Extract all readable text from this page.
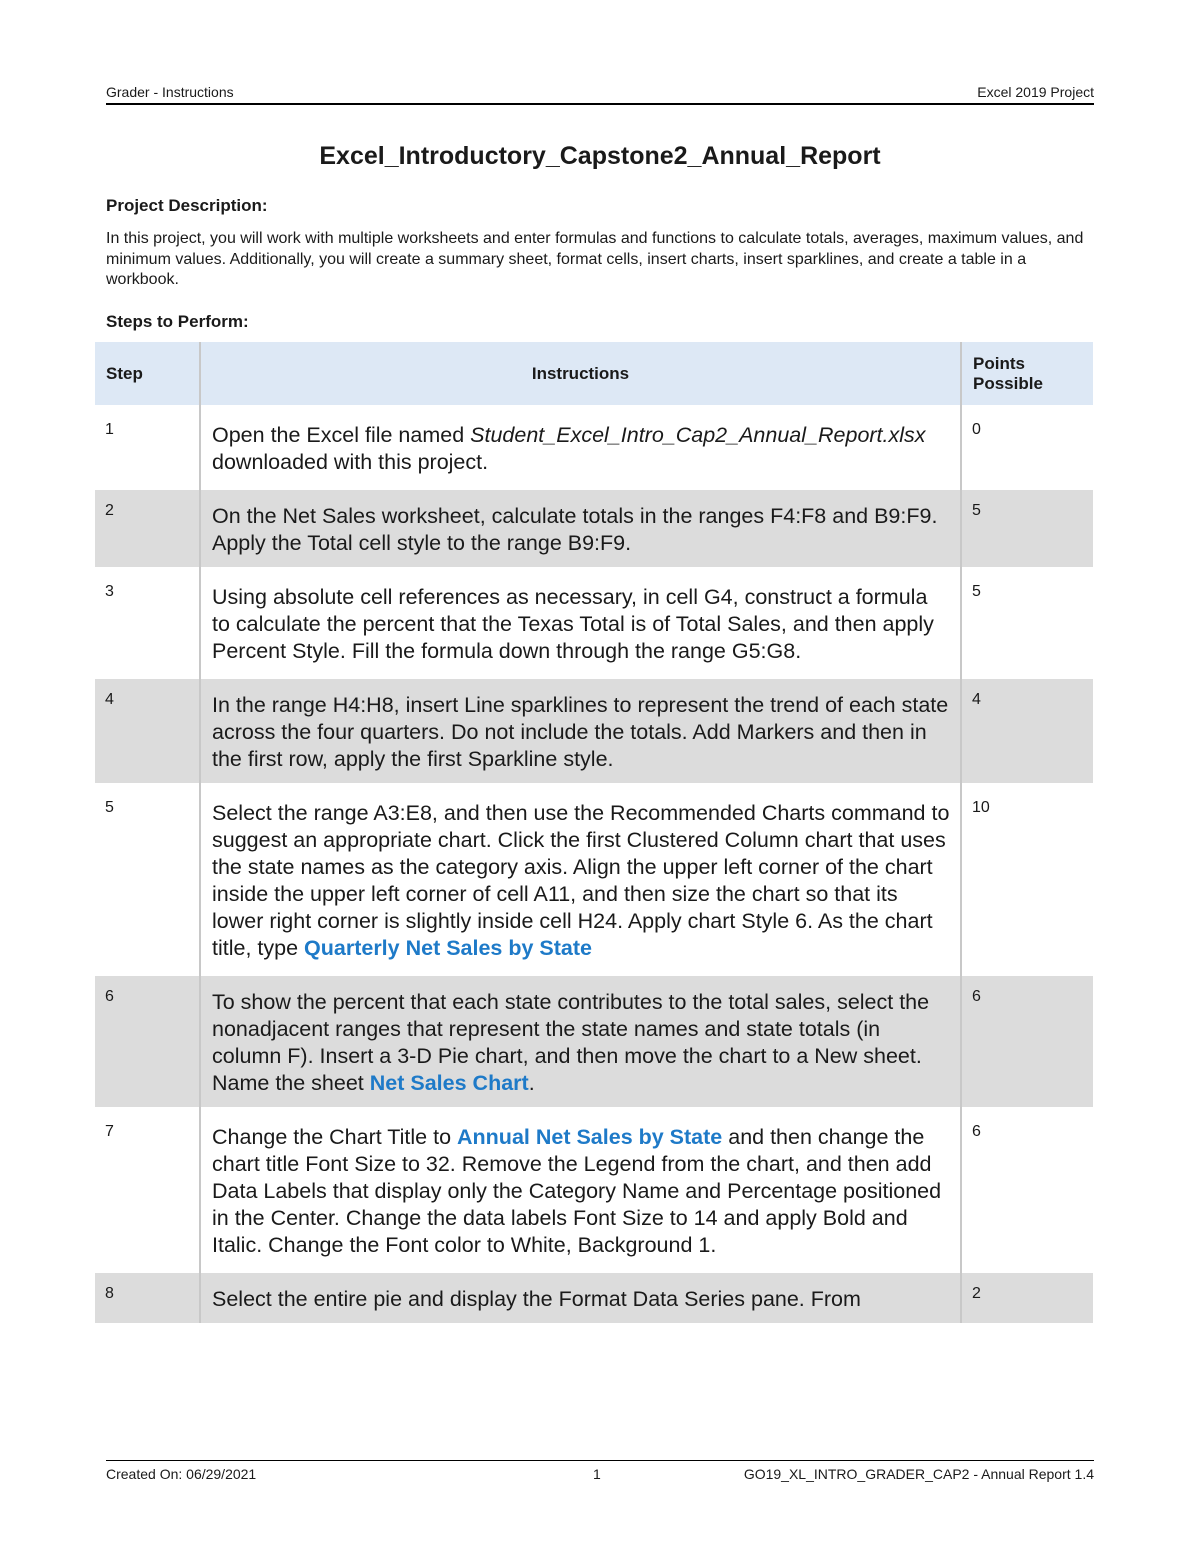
Grader - Instructions	Excel 2019 Project
Excel_Introductory_Capstone2_Annual_Report
Project Description:
In this project, you will work with multiple worksheets and enter formulas and functions to calculate totals, averages, maximum values, and minimum values. Additionally, you will create a summary sheet, format cells, insert charts, insert sparklines, and create a table in a workbook.
Steps to Perform:
Step	Instructions	Points Possible

1	Open the Excel file named Student_Excel_Intro_Cap2_Annual_Report.xlsx downloaded with this project.	0

2	On the Net Sales worksheet, calculate totals in the ranges F4:F8 and B9:F9. Apply the Total cell style to the range B9:F9.	5

3	Using absolute cell references as necessary, in cell G4, construct a formula to calculate the percent that the Texas Total is of Total Sales, and then apply Percent Style. Fill the formula down through the range G5:G8.	5

4	In the range H4:H8, insert Line sparklines to represent the trend of each state across the four quarters. Do not include the totals. Add Markers and then in the first row, apply the first Sparkline style.	4

5	Select the range A3:E8, and then use the Recommended Charts command to suggest an appropriate chart. Click the first Clustered Column chart that uses the state names as the category axis. Align the upper left corner of the chart inside the upper left corner of cell A11, and then size the chart so that its lower right corner is slightly inside cell H24. Apply chart Style 6. As the chart title, type Quarterly Net Sales by State	10

6	To show the percent that each state contributes to the total sales, select the nonadjacent ranges that represent the state names and state totals (in column F). Insert a 3-D Pie chart, and then move the chart to a New sheet. Name the sheet Net Sales Chart.	6

7	Change the Chart Title to Annual Net Sales by State and then change the chart title Font Size to 32. Remove the Legend from the chart, and then add Data Labels that display only the Category Name and Percentage positioned in the Center. Change the data labels Font Size to 14 and apply Bold and Italic. Change the Font color to White, Background 1.	6

8	Select the entire pie and display the Format Data Series pane. From	2
Created On: 06/29/2021	1	GO19_XL_INTRO_GRADER_CAP2 - Annual Report 1.4
